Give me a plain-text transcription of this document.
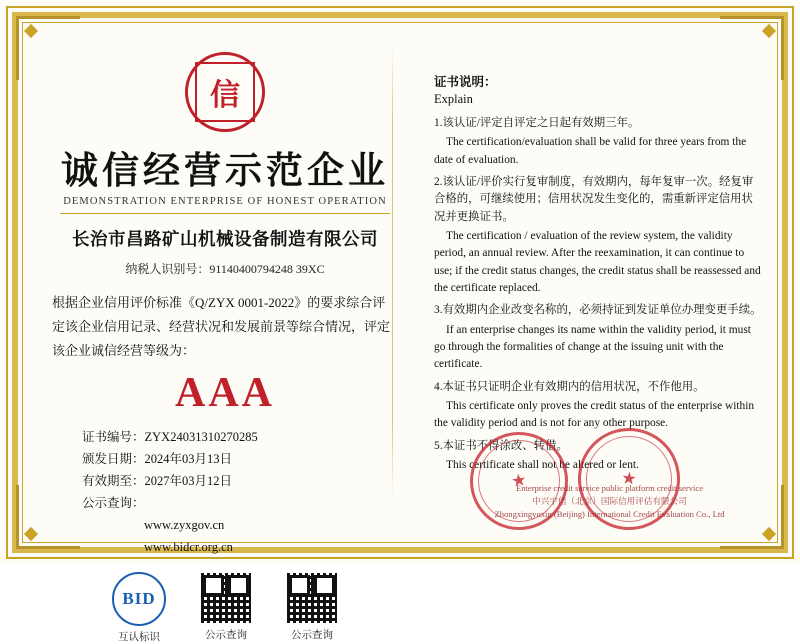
信
诚信经营示范企业
DEMONSTRATION ENTERPRISE OF HONEST OPERATION
长治市昌路矿山机械设备制造有限公司
纳税人识别号：91140400794248 39XC
根据企业信用评价标准《Q/ZYX 0001-2022》的要求综合评定该企业信用记录、经营状况和发展前景等综合情况，评定该企业诚信经营等级为：
AAA
证书编号：ZYX24031310270285
颁发日期：2024年03月13日
有效期至：2027年03月12日
公示查询：
www.zyxgov.cn
www.bidcr.org.cn
BID
互认标识	公示查询	公示查询
证书说明：
Explain
1.该认证/评定自评定之日起有效期三年。
The certification/evaluation shall be valid for three years from the date of evaluation.
2.该认证/评价实行复审制度，有效期内，每年复审一次。经复审合格的，可继续使用；信用状况发生变化的，需重新评定信用状况并更换证书。
The certification / evaluation of the review system, the validity period, an annual review. After the reexamination, it can continue to use; if the credit status changes, the credit status shall be reassessed and the certificate replaced.
3.有效期内企业改变名称的，必须持证到发证单位办理变更手续。
If an enterprise changes its name within the validity period, it must go through the formalities of change at the issuing unit with the certificate.
4.本证书只证明企业有效期内的信用状况，不作他用。
This certificate only proves the credit status of the enterprise within the validity period and is not for any other purpose.
5.本证书不得涂改、转借。
This certificate shall not be altered or lent.
★	★
Enterprise credit service public platform credit service
中兴宇信（北京）国际信用评估有限公司
Zhongxingyuxin (Beijing) International Credit Evaluation Co., Ltd
